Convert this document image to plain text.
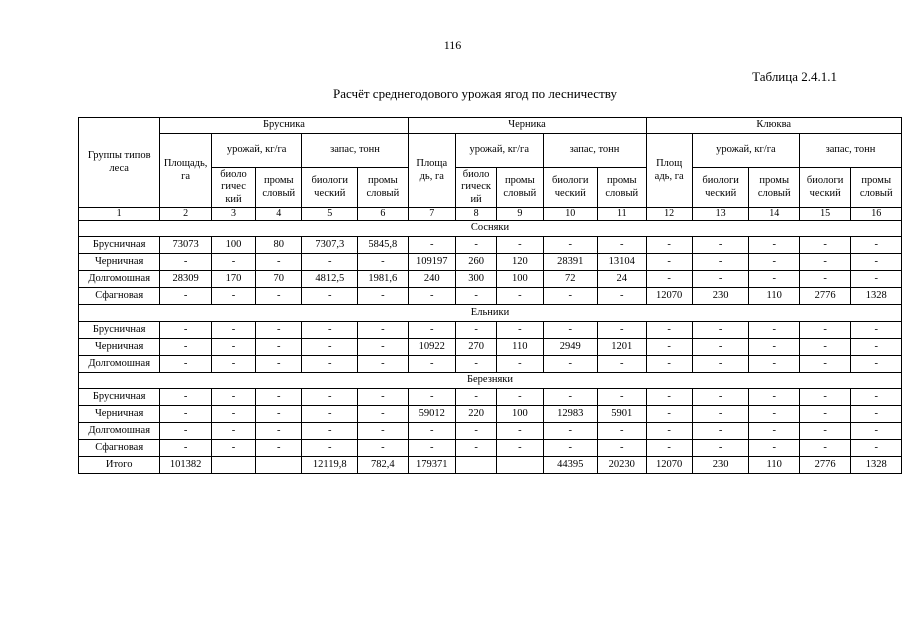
116
Таблица 2.4.1.1
Расчёт среднегодового урожая ягод по лесничеству
Группы типов леса	Брусника					Черника					Клюква				
	Площадь, га	урожай, кг/га		запас, тонн		Площа дь, га	урожай, кг/га		запас, тонн		Площ адь, га	урожай, кг/га		запас, тонн	
		биоло гичес кий	промы словый	биологи ческий	промы словый		биоло гическ ий	промы словый	биологи ческий	промы словый		биологи ческий	промы словый	биологи ческий	промы словый
1	2	3	4	5	6	7	8	9	10	11	12	13	14	15	16
Сосняки															
Брусничная	73073	100	80	7307,3	5845,8	-	-	-	-	-	-	-	-	-	-
Черничная	-	-	-	-	-	109197	260	120	28391	13104	-	-	-	-	-
Долгомошная	28309	170	70	4812,5	1981,6	240	300	100	72	24	-	-	-	-	-
Сфагновая	-	-	-	-	-	-	-	-	-	-	12070	230	110	2776	1328
Ельники															
Брусничная	-	-	-	-	-	-	-	-	-	-	-	-	-	-	-
Черничная	-	-	-	-	-	10922	270	110	2949	1201	-	-	-	-	-
Долгомошная	-	-	-	-	-	-	-	-	-	-	-	-	-	-	-
Березняки															
Брусничная	-	-	-	-	-	-	-	-	-	-	-	-	-	-	-
Черничная	-	-	-	-	-	59012	220	100	12983	5901	-	-	-	-	-
Долгомошная	-	-	-	-	-	-	-	-	-	-	-	-	-	-	-
Сфагновая	-	-	-	-	-	-	-	-	-	-	-	-	-	-	-
Итого	101382			12119,8	782,4	179371			44395	20230	12070	230	110	2776	1328
